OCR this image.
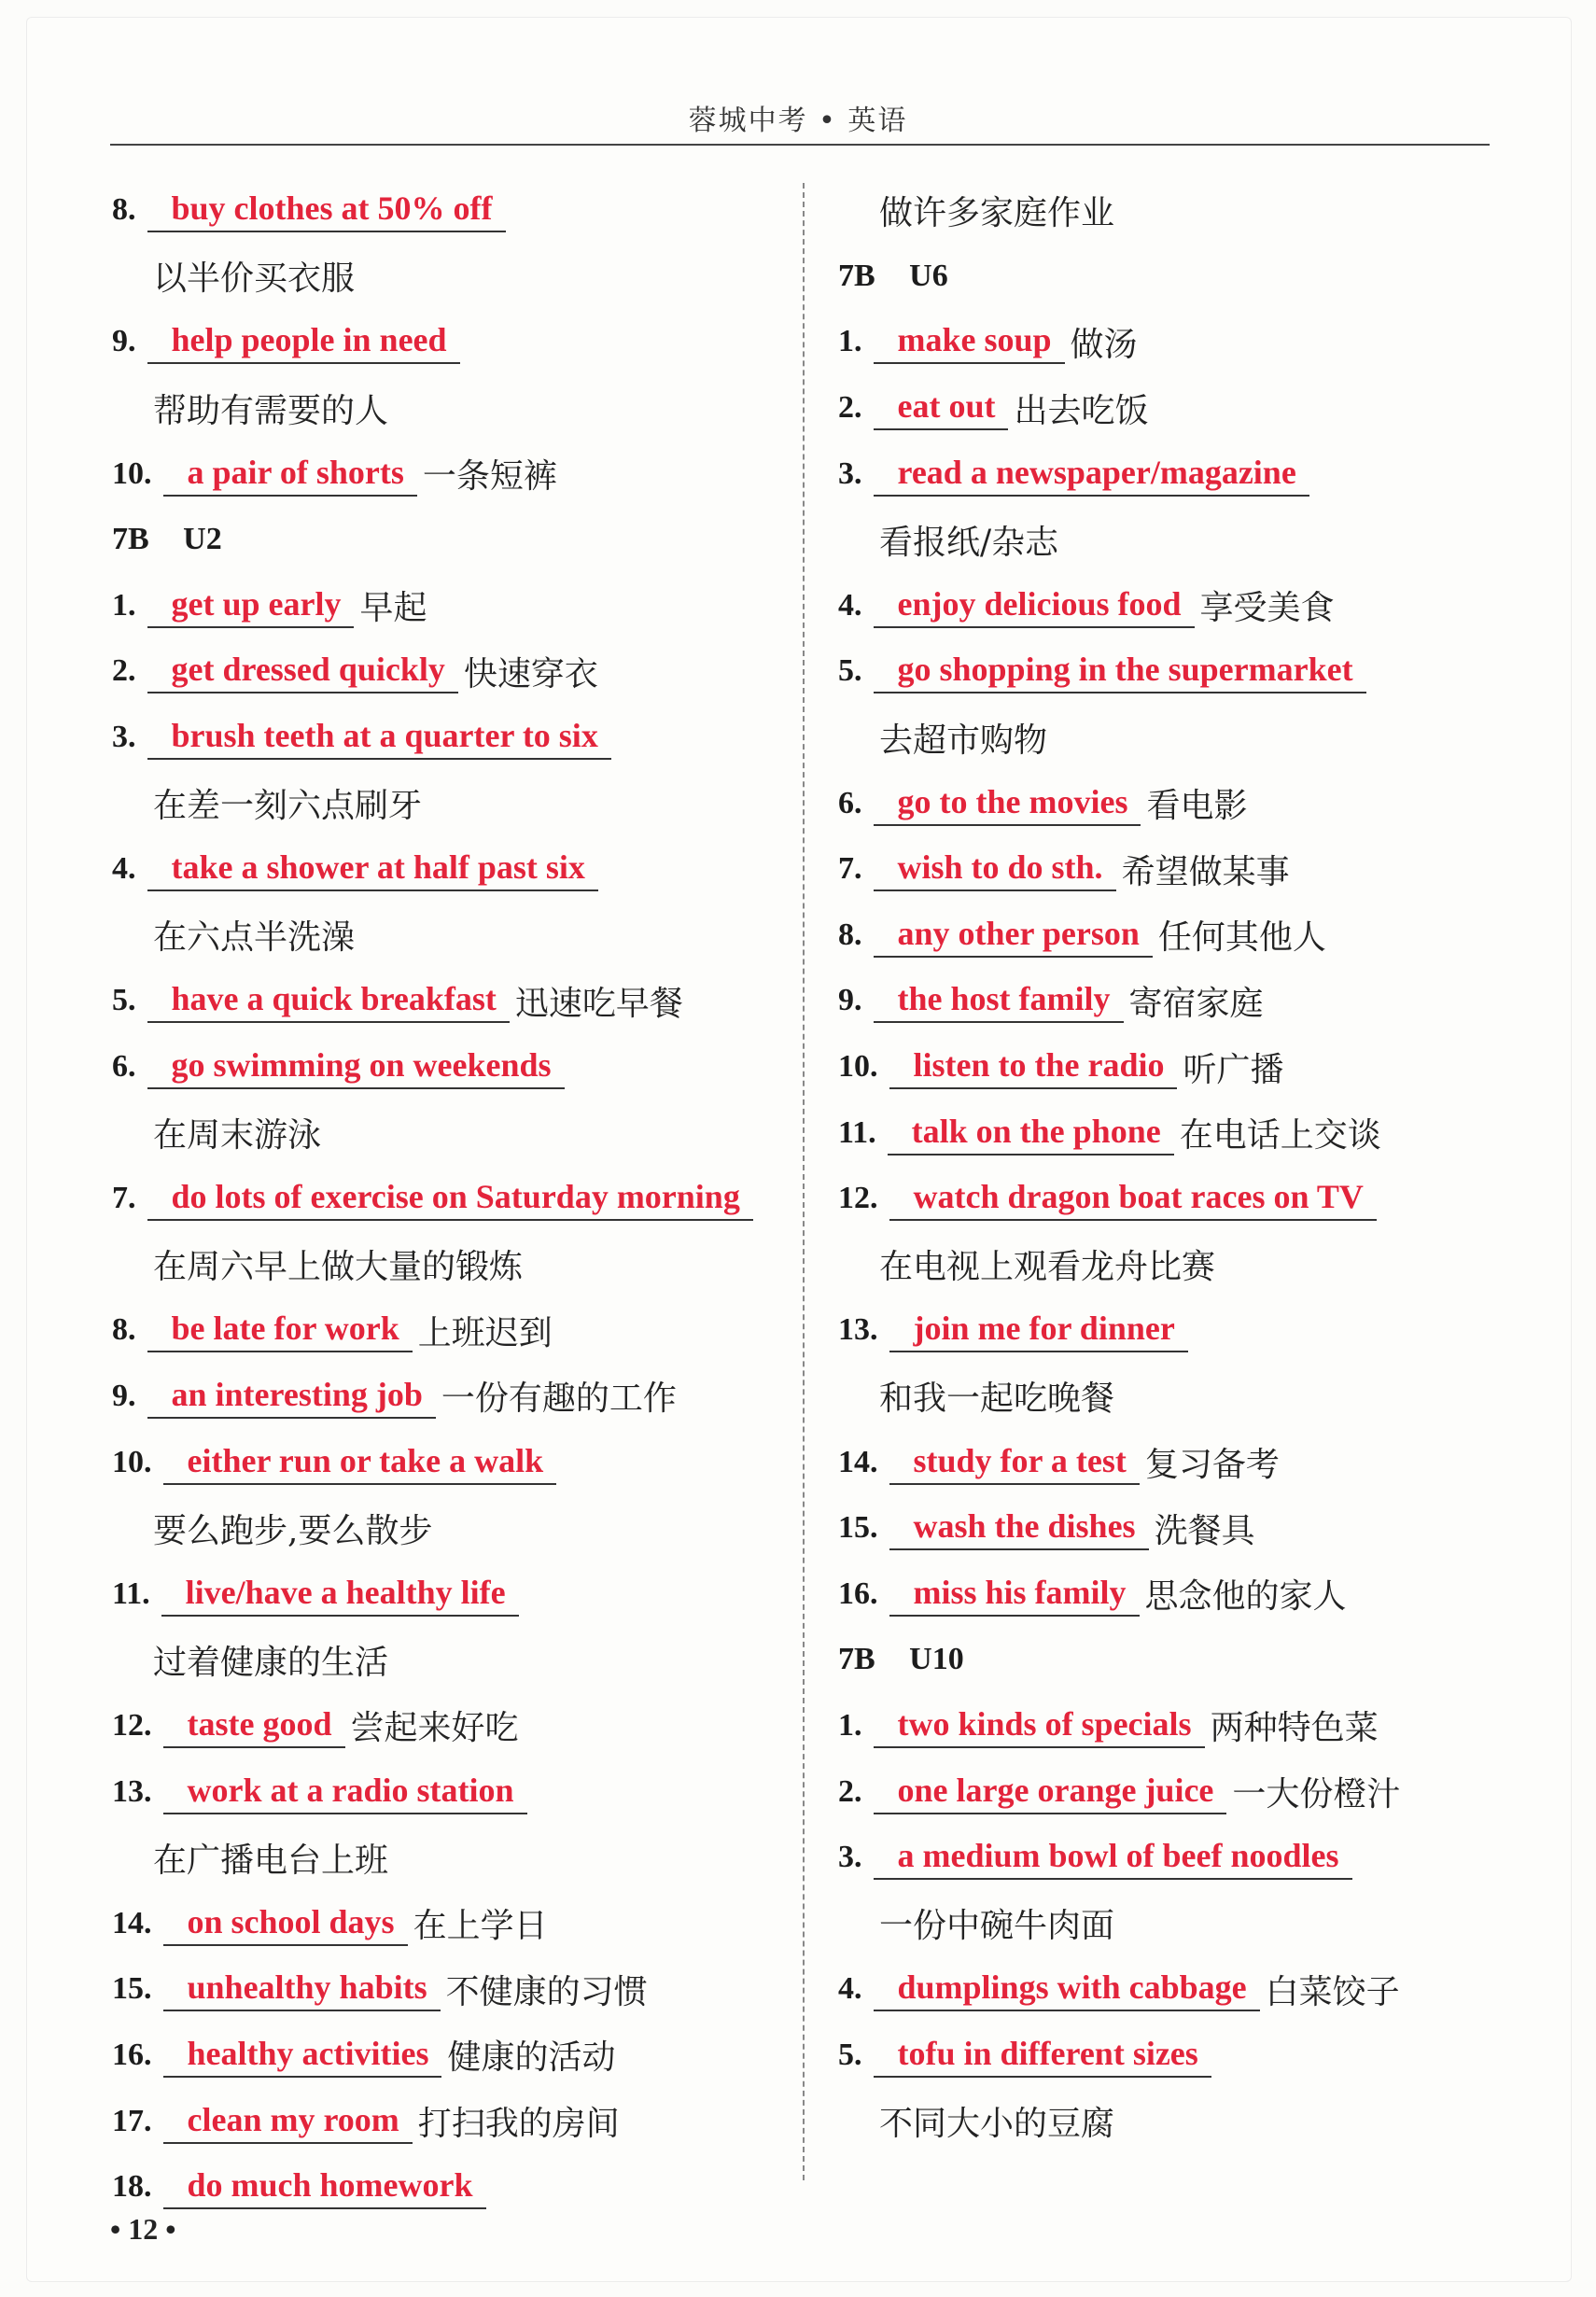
蓉城中考 • 英语
8.	buy clothes at 50% off
以半价买衣服
9.	help people in need
帮助有需要的人
10.	a pair of shorts 一条短裤
7B U2
1.	get up early 早起
2.	get dressed quickly 快速穿衣
3.	brush teeth at a quarter to six
在差一刻六点刷牙
4.	take a shower at half past six
在六点半洗澡
5.	have a quick breakfast 迅速吃早餐
6.	go swimming on weekends
在周末游泳
7.	do lots of exercise on Saturday morning
在周六早上做大量的锻炼
8.	be late for work 上班迟到
9.	an interesting job 一份有趣的工作
10.	either run or take a walk
要么跑步,要么散步
11.	live/have a healthy life
过着健康的生活
12.	taste good 尝起来好吃
13.	work at a radio station
在广播电台上班
14.	on school days 在上学日
15.	unhealthy habits 不健康的习惯
16.	healthy activities 健康的活动
17.	clean my room 打扫我的房间
18.	do much homework
做许多家庭作业
7B U6
1.	make soup 做汤
2.	eat out 出去吃饭
3.	read a newspaper/magazine
看报纸/杂志
4.	enjoy delicious food 享受美食
5.	go shopping in the supermarket
去超市购物
6.	go to the movies 看电影
7.	wish to do sth. 希望做某事
8.	any other person 任何其他人
9.	the host family 寄宿家庭
10.	listen to the radio 听广播
11.	talk on the phone 在电话上交谈
12.	watch dragon boat races on TV
在电视上观看龙舟比赛
13.	join me for dinner
和我一起吃晚餐
14.	study for a test 复习备考
15.	wash the dishes 洗餐具
16.	miss his family 思念他的家人
7B U10
1.	two kinds of specials 两种特色菜
2.	one large orange juice 一大份橙汁
3.	a medium bowl of beef noodles
一份中碗牛肉面
4.	dumplings with cabbage 白菜饺子
5.	tofu in different sizes
不同大小的豆腐
• 12 •
